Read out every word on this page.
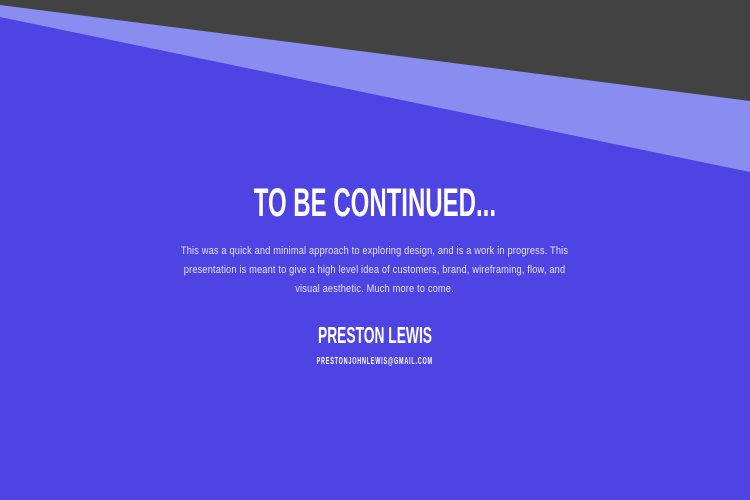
TO BE CONTINUED...
This was a quick and minimal approach to exploring design, and is a work in progress. This
presentation is meant to give a high level idea of customers, brand, wireframing, flow, and
visual aesthetic. Much more to come.
PRESTON LEWIS
PRESTONJOHNLEWIS@GMAIL.COM
